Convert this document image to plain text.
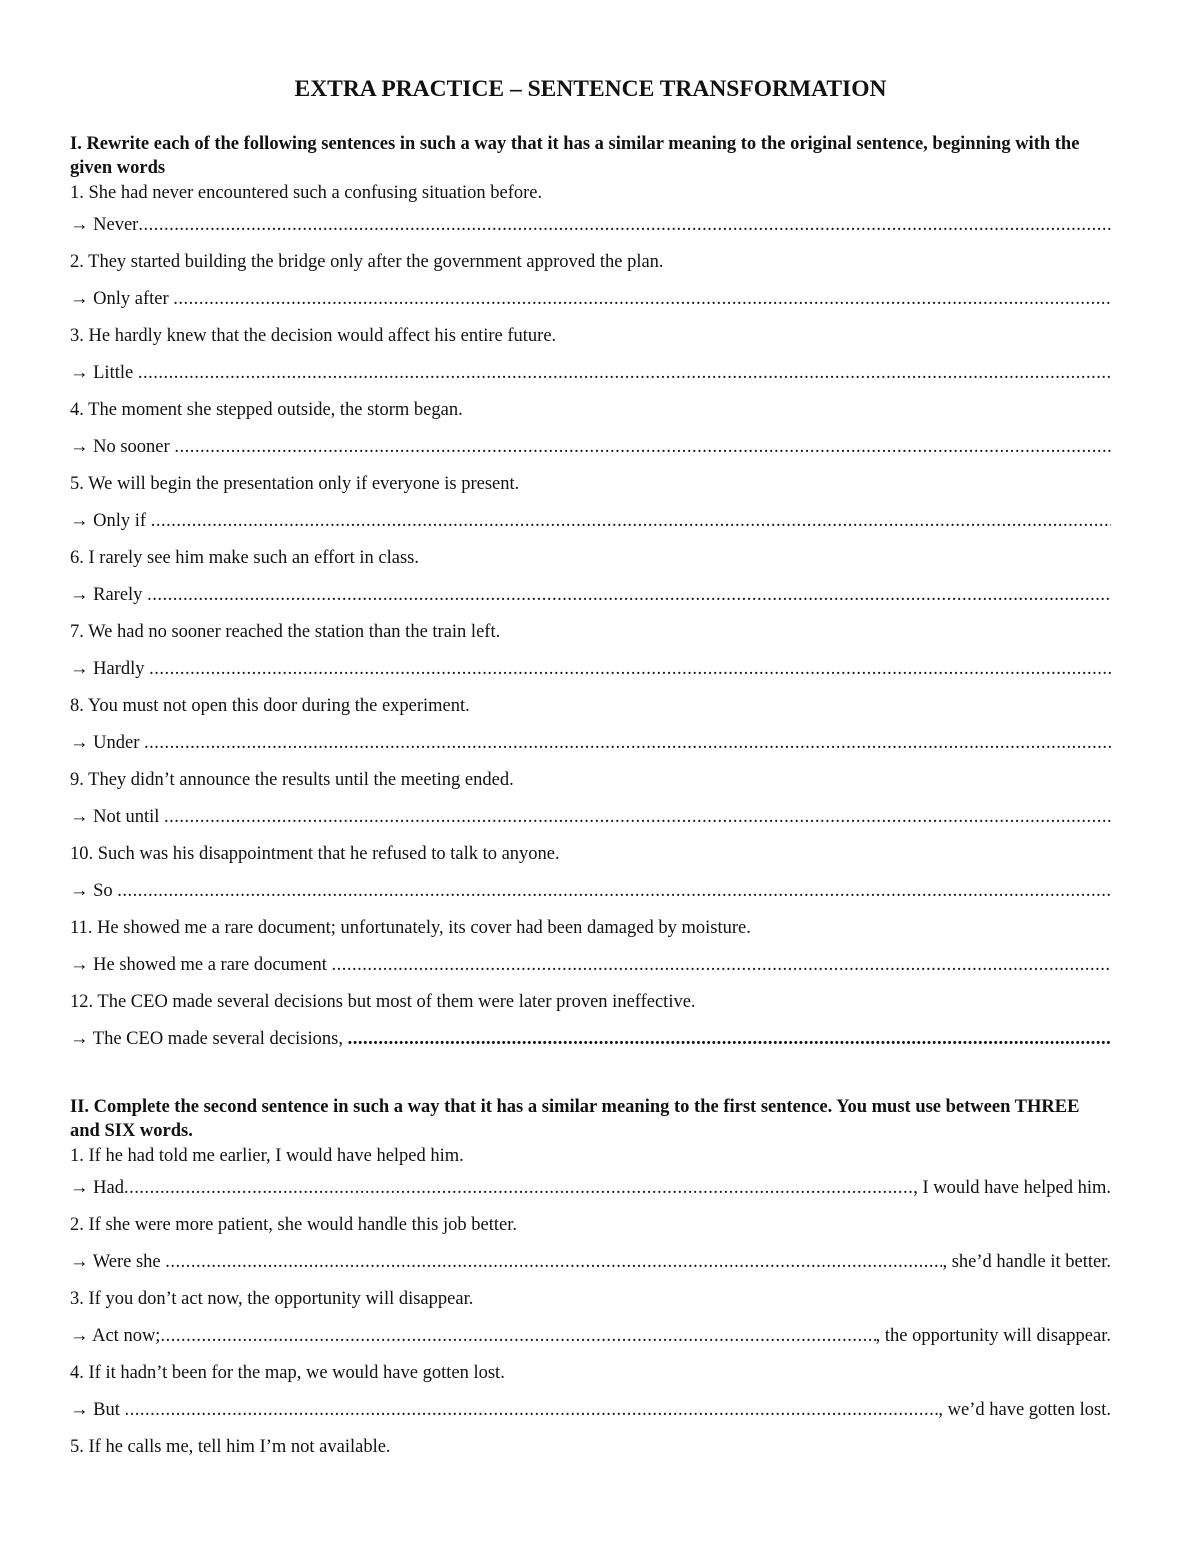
EXTRA PRACTICE – SENTENCE TRANSFORMATION

I. Rewrite each of the following sentences in such a way that it has a similar meaning to the original sentence, beginning with the given words

1. She had never encountered such a confusing situation before.
→ Never
.....
2. They started building the bridge only after the government approved the plan.
→ Only after
.....
3. He hardly knew that the decision would affect his entire future.
→ Little
.....
4. The moment she stepped outside, the storm began.
→ No sooner
.....
5. We will begin the presentation only if everyone is present.
→ Only if
.....
6. I rarely see him make such an effort in class.
→ Rarely
.....
7. We had no sooner reached the station than the train left.
→ Hardly
.....
8. You must not open this door during the experiment.
→ Under
.....
9. They didn’t announce the results until the meeting ended.
→ Not until
.....
10. Such was his disappointment that he refused to talk to anyone.
→ So
.....
11. He showed me a rare document; unfortunately, its cover had been damaged by moisture.
→ He showed me a rare document
.....
12. The CEO made several decisions but most of them were later proven ineffective.
→ The CEO made several decisions,
.....

II. Complete the second sentence in such a way that it has a similar meaning to the first sentence. You must use between THREE and SIX words.

1. If he had told me earlier, I would have helped him.
→ Had .....	, I would have helped him.
2. If she were more patient, she would handle this job better.
→ Were she .....	, she’d handle it better.
3. If you don’t act now, the opportunity will disappear.
→ Act now; .....	, the opportunity will disappear.
4. If it hadn’t been for the map, we would have gotten lost.
→ But .....	, we’d have gotten lost.
5. If he calls me, tell him I’m not available.
